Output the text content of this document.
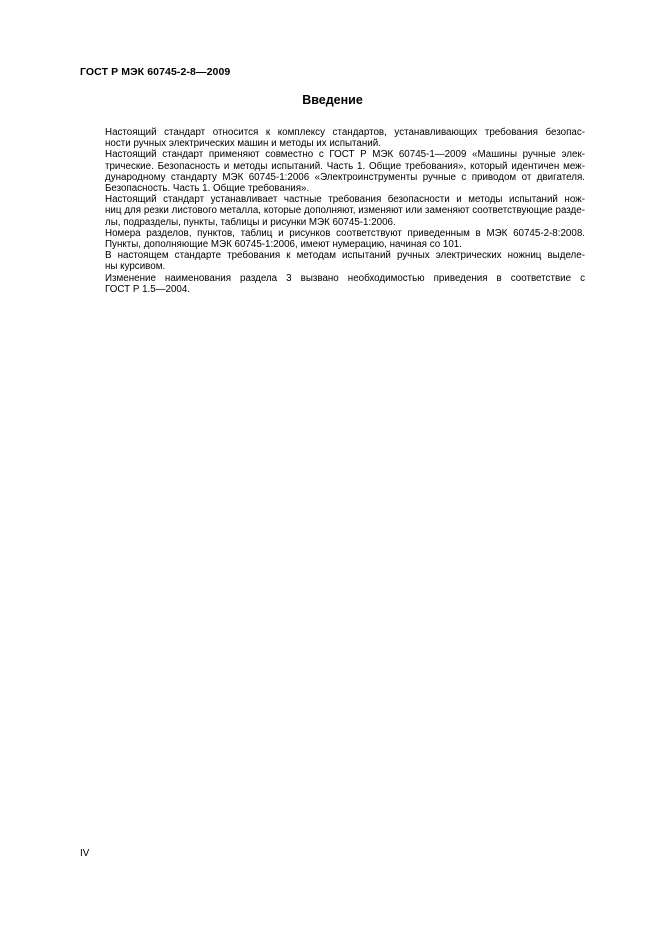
ГОСТ Р МЭК 60745-2-8—2009
Введение

Настоящий стандарт относится к комплексу стандартов, устанавливающих требования безопас-
ности ручных электрических машин и методы их испытаний.

Настоящий стандарт применяют совместно с ГОСТ Р МЭК 60745-1—2009 «Машины ручные элек-
трические. Безопасность и методы испытаний. Часть 1. Общие требования», который идентичен меж-
дународному стандарту МЭК 60745-1:2006 «Электроинструменты ручные с приводом от двигателя.
Безопасность. Часть 1. Общие требования».

Настоящий стандарт устанавливает частные требования безопасности и методы испытаний нож-
ниц для резки листового металла, которые дополняют, изменяют или заменяют соответствующие разде-
лы, подразделы, пункты, таблицы и рисунки МЭК 60745-1:2006.

Номера разделов, пунктов, таблиц и рисунков соответствуют приведенным в МЭК 60745-2-8:2008.
Пункты, дополняющие МЭК 60745-1:2006, имеют нумерацию, начиная со 101.

В настоящем стандарте требования к методам испытаний ручных электрических ножниц выделе-
ны курсивом.

Изменение наименования раздела 3 вызвано необходимостью приведения в соответствие с
ГОСТ Р 1.5—2004.

IV
